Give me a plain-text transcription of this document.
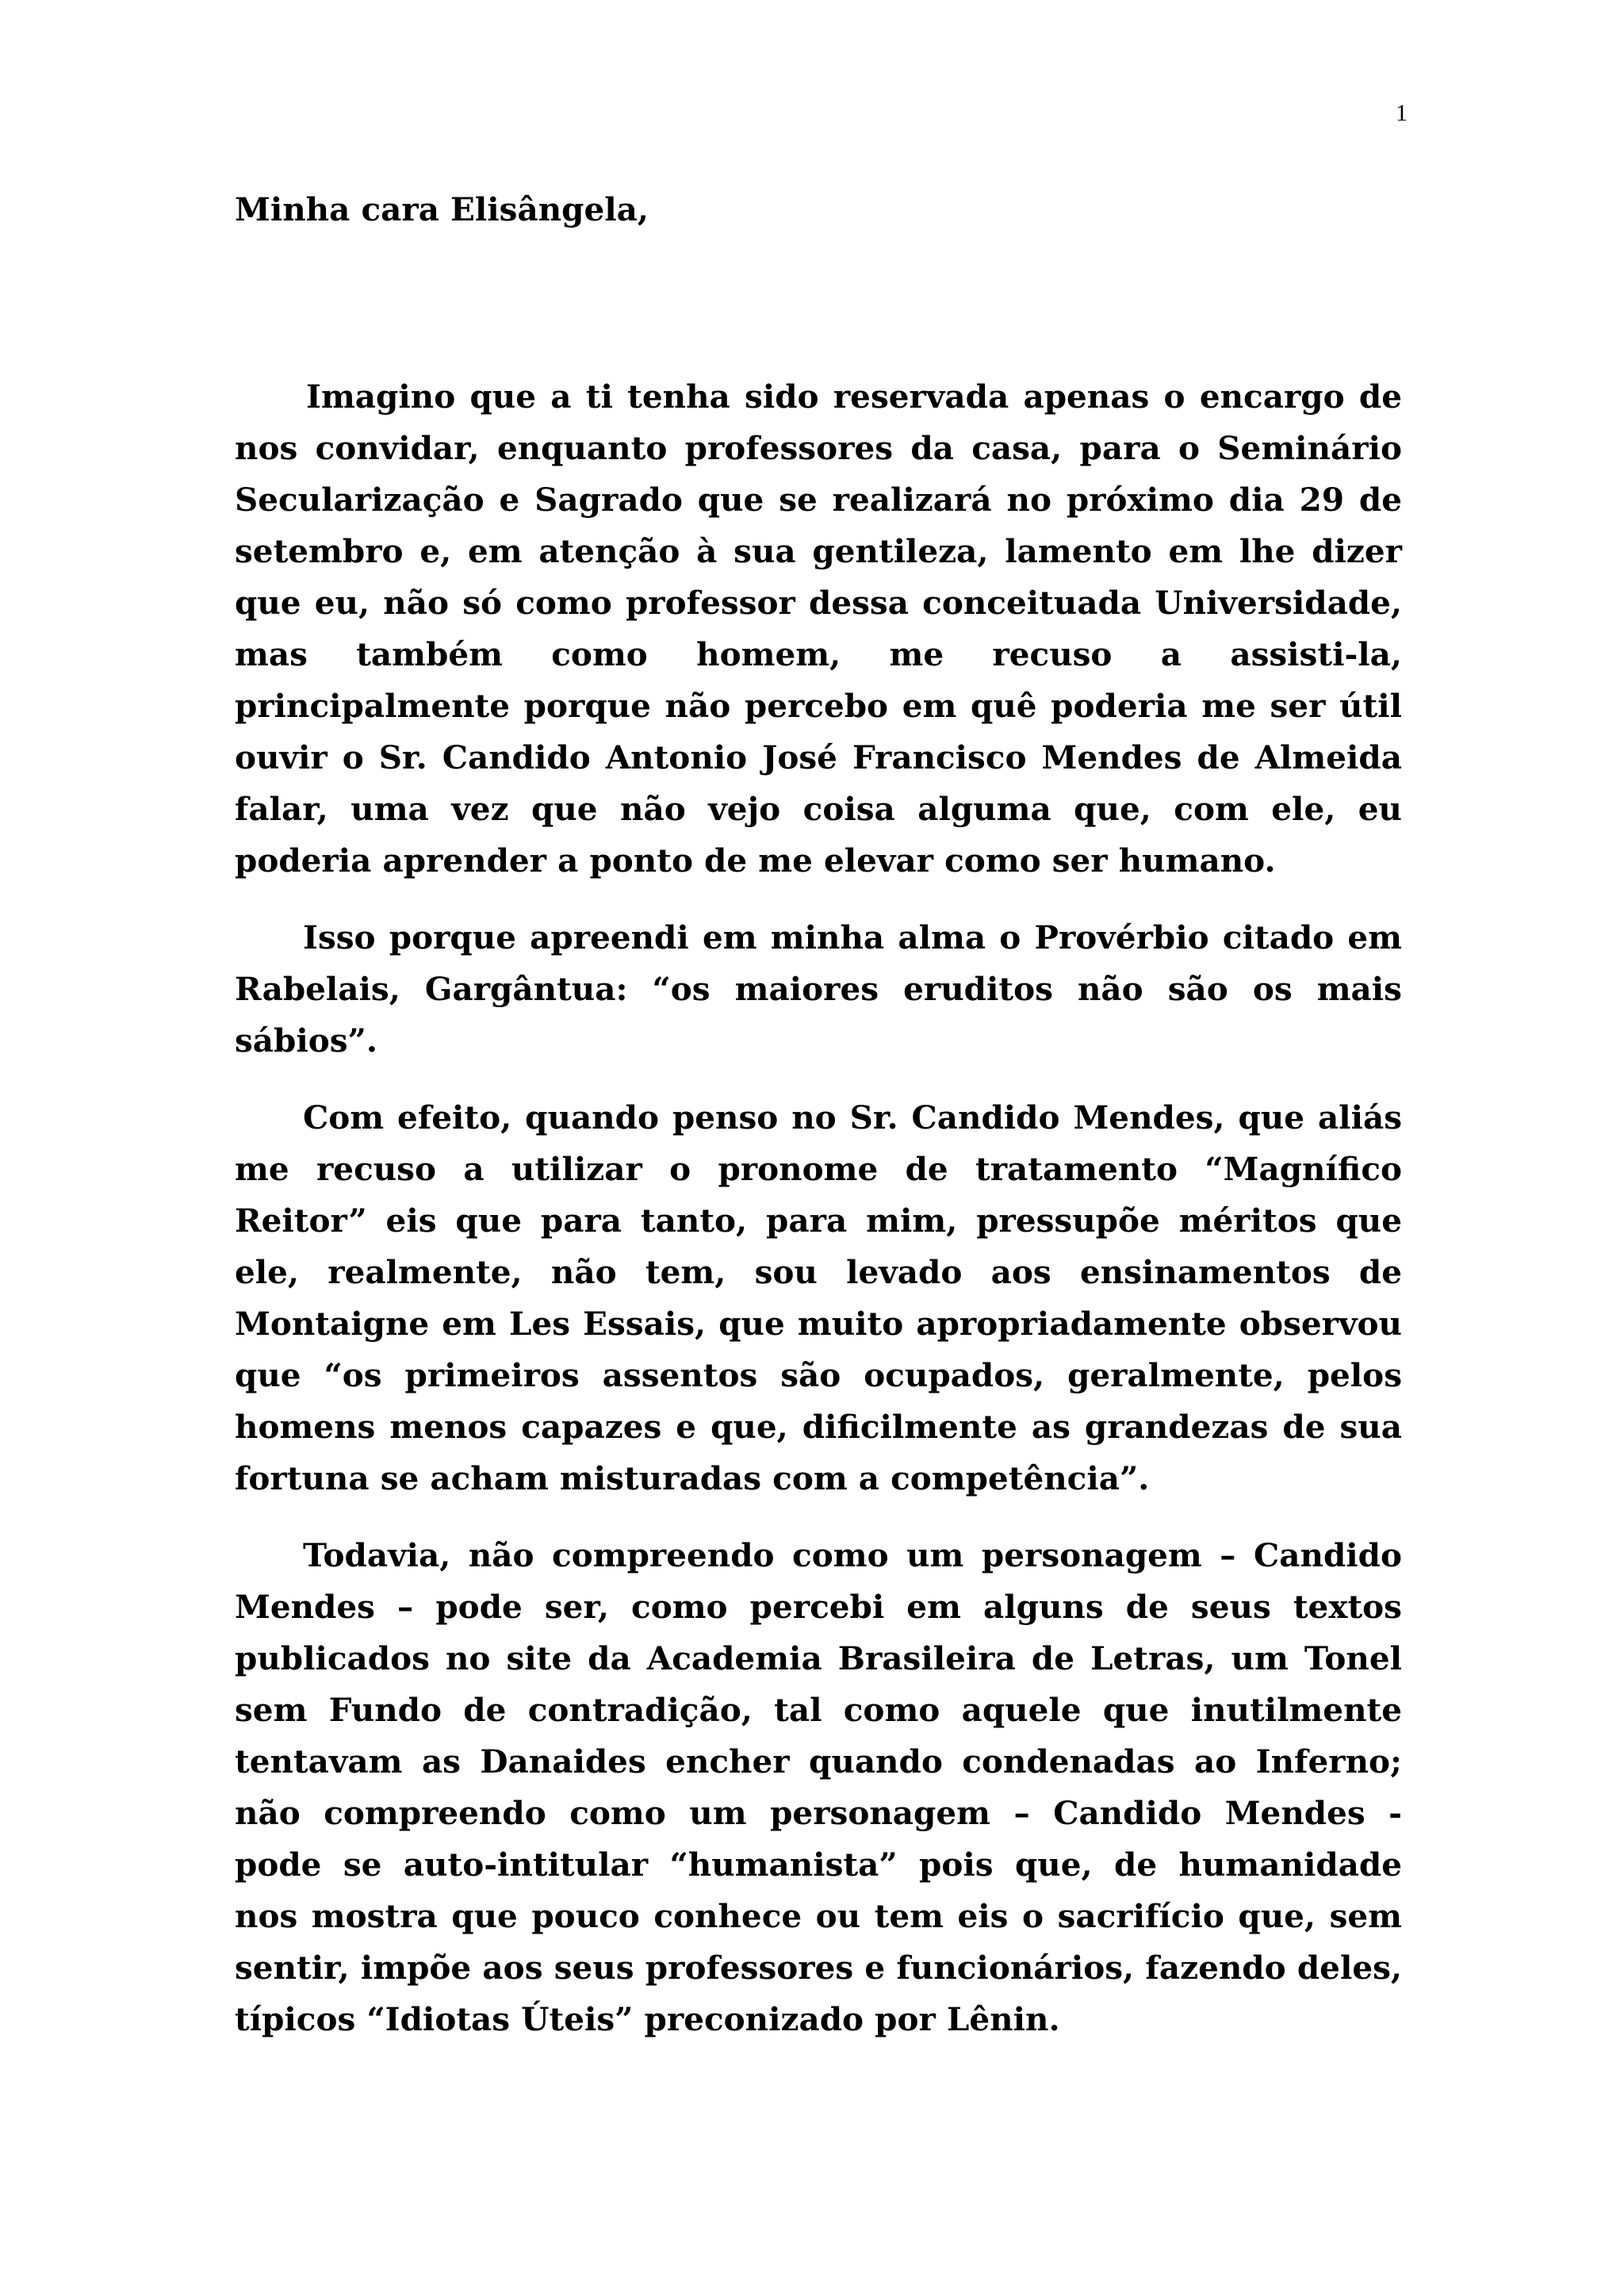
1

Minha cara Elisângela,

Imagino que a ti tenha sido reservada apenas o encargo de nos convidar, enquanto professores da casa, para o Seminário Secularização e Sagrado que se realizará no próximo dia 29 de setembro e, em atenção à sua gentileza, lamento em lhe dizer que eu, não só como professor dessa conceituada Universidade, mas também como homem, me recuso a assisti-la, principalmente porque não percebo em quê poderia me ser útil ouvir o Sr. Candido Antonio José Francisco Mendes de Almeida falar, uma vez que não vejo coisa alguma que, com ele, eu poderia aprender a ponto de me elevar como ser humano.

Isso porque apreendi em minha alma o Provérbio citado em Rabelais, Gargântua: “os maiores eruditos não são os mais sábios”.

Com efeito, quando penso no Sr. Candido Mendes, que aliás me recuso a utilizar o pronome de tratamento “Magnífico Reitor” eis que para tanto, para mim, pressupõe méritos que ele, realmente, não tem, sou levado aos ensinamentos de Montaigne em Les Essais, que muito apropriadamente observou que “os primeiros assentos são ocupados, geralmente, pelos homens menos capazes e que, dificilmente as grandezas de sua fortuna se acham misturadas com a competência”.

Todavia, não compreendo como um personagem – Candido Mendes – pode ser, como percebi em alguns de seus textos publicados no site da Academia Brasileira de Letras, um Tonel sem Fundo de contradição, tal como aquele que inutilmente tentavam as Danaides encher quando condenadas ao Inferno; não compreendo como um personagem – Candido Mendes ‐ pode se auto-intitular “humanista” pois que, de humanidade nos mostra que pouco conhece ou tem eis o sacrifício que, sem sentir, impõe aos seus professores e funcionários, fazendo deles, típicos “Idiotas Úteis” preconizado por Lênin.
